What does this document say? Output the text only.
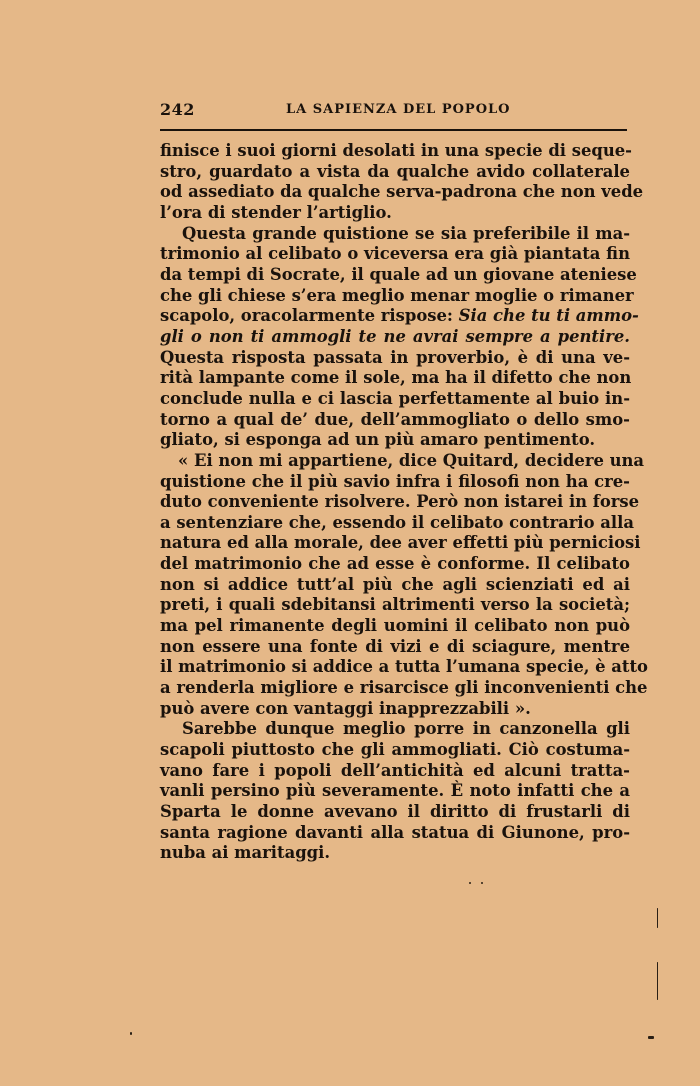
242	LA SAPIENZA DEL POPOLO
finisce i suoi giorni desolati in una specie di seque-
stro, guardato a vista da qualche avido collaterale
od assediato da qualche serva-padrona che non vede
l’ora di stender l’artiglio.
Questa grande quistione se sia preferibile il ma-
trimonio al celibato o viceversa era già piantata fin
da tempi di Socrate, il quale ad un giovane ateniese
che gli chiese s’era meglio menar moglie o rimaner
scapolo, oracolarmente rispose: Sia che tu ti ammo-
gli o non ti ammogli te ne avrai sempre a pentire.
Questa risposta passata in proverbio, è di una ve-
rità lampante come il sole, ma ha il difetto che non
conclude nulla e ci lascia perfettamente al buio in-
torno a qual de’ due, dell’ammogliato o dello smo-
gliato, si esponga ad un più amaro pentimento.
« Ei non mi appartiene, dice Quitard, decidere una
quistione che il più savio infra i filosofi non ha cre-
duto conveniente risolvere. Però non istarei in forse
a sentenziare che, essendo il celibato contrario alla
natura ed alla morale, dee aver effetti più perniciosi
del matrimonio che ad esse è conforme. Il celibato
non si addice tutt’al più che agli scienziati ed ai
preti, i quali sdebitansi altrimenti verso la società;
ma pel rimanente degli uomini il celibato non può
non essere una fonte di vizi e di sciagure, mentre
il matrimonio si addice a tutta l’umana specie, è atto
a renderla migliore e risarcisce gli inconvenienti che
può avere con vantaggi inapprezzabili ».
Sarebbe dunque meglio porre in canzonella gli
scapoli piuttosto che gli ammogliati. Ciò costuma-
vano fare i popoli dell’antichità ed alcuni tratta-
vanli persino più severamente. È noto infatti che a
Sparta le donne avevano il diritto di frustarli di
santa ragione davanti alla statua di Giunone, pro-
nuba ai maritaggi.
